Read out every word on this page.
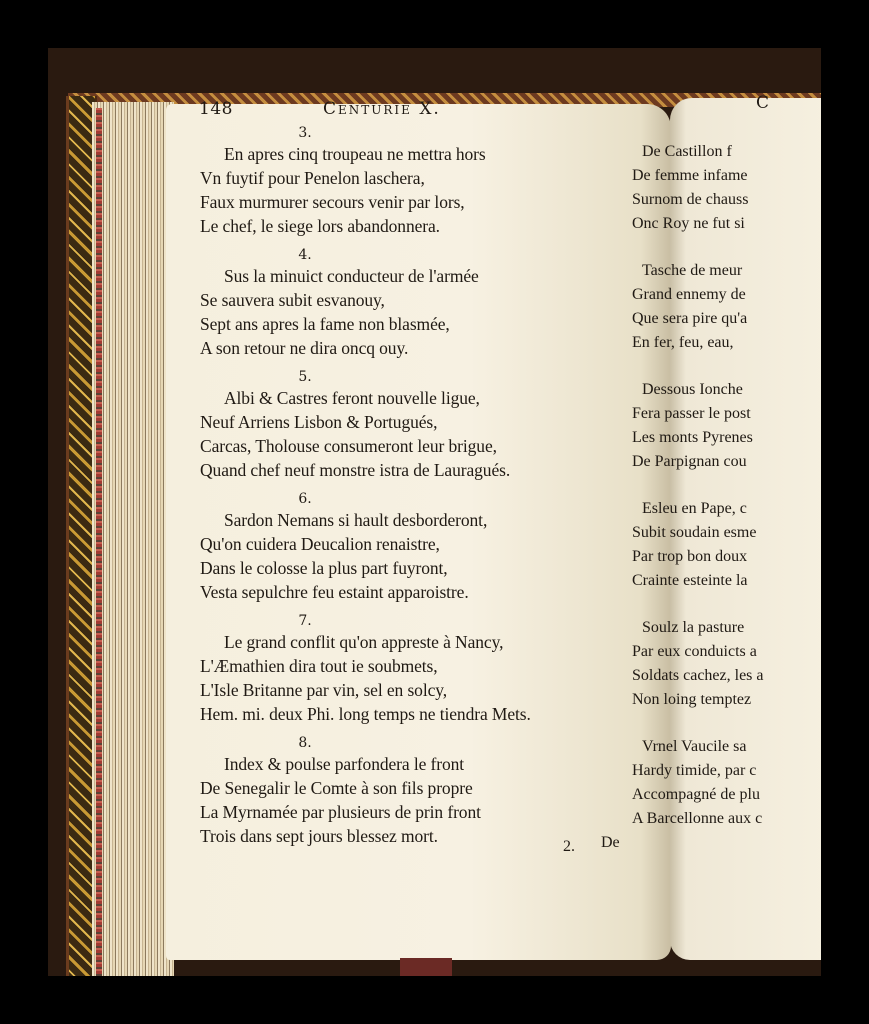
148	Centurie X.
3.
En apres cinq troupeau ne mettra hors
Vn fuytif pour Penelon laschera,
Faux murmurer secours venir par lors,
Le chef, le siege lors abandonnera.
4.
Sus la minuict conducteur de l'armée
Se sauvera subit esvanouy,
Sept ans apres la fame non blasmée,
A son retour ne dira oncq ouy.
5.
Albi & Castres feront nouvelle ligue,
Neuf Arriens Lisbon & Portugués,
Carcas, Tholouse consumeront leur brigue,
Quand chef neuf monstre istra de Lauragués.
6.
Sardon Nemans si hault desborderont,
Qu'on cuidera Deucalion renaistre,
Dans le colosse la plus part fuyront,
Vesta sepulchre feu estaint apparoistre.
7.
Le grand conflit qu'on appreste à Nancy,
L'Æmathien dira tout ie soubmets,
L'Isle Britanne par vin, sel en solcy,
Hem. mi. deux Phi. long temps ne tiendra Mets.
8.
Index & poulse parfondera le front
De Senegalir le Comte à son fils propre
La Myrnamée par plusieurs de prin front
Trois dans sept jours blessez mort.
2. De
C
De Castillon f
De femme infame
Surnom de chauss
Onc Roy ne fut si
Tasche de meur
Grand ennemy de
Que sera pire qu'a
En fer, feu, eau,
Dessous Ionche
Fera passer le post
Les monts Pyrenes
De Parpignan cou
Esleu en Pape, c
Subit soudain esme
Par trop bon doux
Crainte esteinte la
Soulz la pasture
Par eux conduicts a
Soldats cachez, les a
Non loing temptez
Vrnel Vaucile sa
Hardy timide, par c
Accompagné de plu
A Barcellonne aux c
